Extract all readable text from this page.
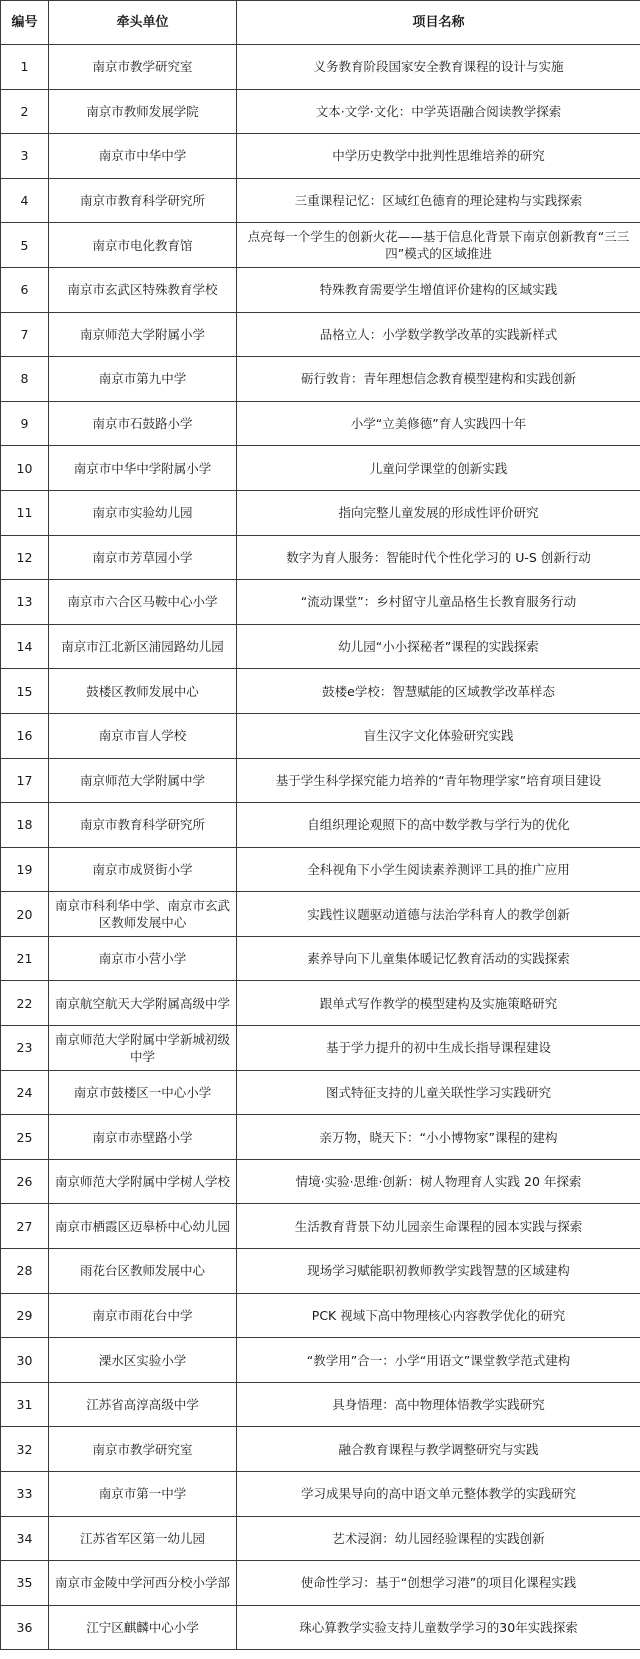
编号	牵头单位	项目名称
1	南京市教学研究室	义务教育阶段国家安全教育课程的设计与实施
2	南京市教师发展学院	文本·文学·文化：中学英语融合阅读教学探索
3	南京市中华中学	中学历史教学中批判性思维培养的研究
4	南京市教育科学研究所	三重课程记忆：区域红色德育的理论建构与实践探索
5	南京市电化教育馆	点亮每一个学生的创新火花——基于信息化背景下南京创新教育“三三四”模式的区域推进
6	南京市玄武区特殊教育学校	特殊教育需要学生增值评价建构的区域实践
7	南京师范大学附属小学	品格立人：小学数学教学改革的实践新样式
8	南京市第九中学	砺行敦肯：青年理想信念教育模型建构和实践创新
9	南京市石鼓路小学	小学“立美修德”育人实践四十年
10	南京市中华中学附属小学	儿童问学课堂的创新实践
11	南京市实验幼儿园	指向完整儿童发展的形成性评价研究
12	南京市芳草园小学	数字为育人服务：智能时代个性化学习的 U-S 创新行动
13	南京市六合区马鞍中心小学	“流动课堂”：乡村留守儿童品格生长教育服务行动
14	南京市江北新区浦园路幼儿园	幼儿园“小小探秘者”课程的实践探索
15	鼓楼区教师发展中心	鼓楼e学校：智慧赋能的区域教学改革样态
16	南京市盲人学校	盲生汉字文化体验研究实践
17	南京师范大学附属中学	基于学生科学探究能力培养的“青年物理学家”培育项目建设
18	南京市教育科学研究所	自组织理论观照下的高中数学教与学行为的优化
19	南京市成贤街小学	全科视角下小学生阅读素养测评工具的推广应用
20	南京市科利华中学、南京市玄武区教师发展中心	实践性议题驱动道德与法治学科育人的教学创新
21	南京市小营小学	素养导向下儿童集体暖记忆教育活动的实践探索
22	南京航空航天大学附属高级中学	跟单式写作教学的模型建构及实施策略研究
23	南京师范大学附属中学新城初级中学	基于学力提升的初中生成长指导课程建设
24	南京市鼓楼区一中心小学	图式特征支持的儿童关联性学习实践研究
25	南京市赤壁路小学	亲万物，晓天下：“小小博物家”课程的建构
26	南京师范大学附属中学树人学校	情境·实验·思维·创新：树人物理育人实践 20 年探索
27	南京市栖霞区迈皋桥中心幼儿园	生活教育背景下幼儿园亲生命课程的园本实践与探索
28	雨花台区教师发展中心	现场学习赋能职初教师教学实践智慧的区域建构
29	南京市雨花台中学	PCK 视域下高中物理核心内容教学优化的研究
30	溧水区实验小学	“教学用”合一：小学“用语文”课堂教学范式建构
31	江苏省高淳高级中学	具身悟理：高中物理体悟教学实践研究
32	南京市教学研究室	融合教育课程与教学调整研究与实践
33	南京市第一中学	学习成果导向的高中语文单元整体教学的实践研究
34	江苏省军区第一幼儿园	艺术浸润：幼儿园经验课程的实践创新
35	南京市金陵中学河西分校小学部	使命性学习：基于“创想学习港”的项目化课程实践
36	江宁区麒麟中心小学	珠心算教学实验支持儿童数学学习的30年实践探索
